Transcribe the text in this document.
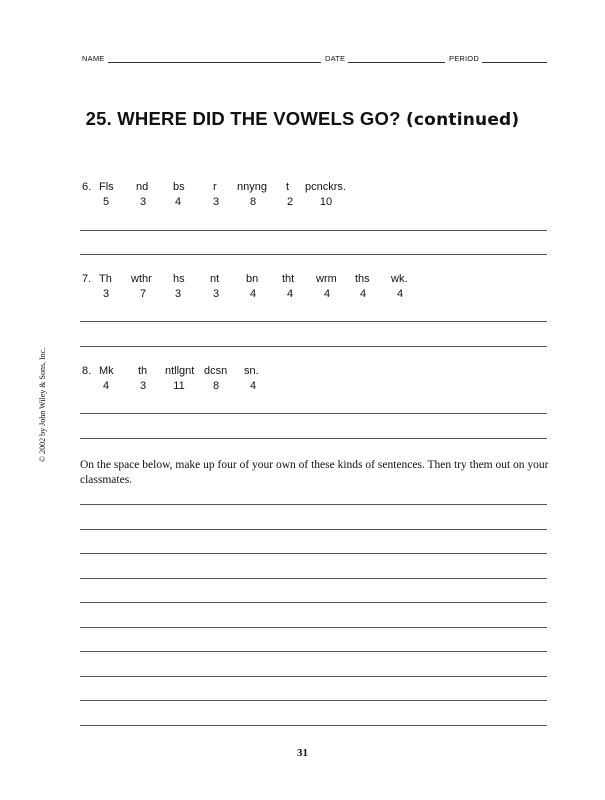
NAME	DATE	PERIOD
25. WHERE DID THE VOWELS GO? (continued)
6. Fls nd bs	r nnyng t pcnckrs.
5	3	4	3	8	2	10
7. Th wthr hs nt bn tht wrm ths wk.
3	7	3	3	4	4	4	4	4
8. Mk th ntllgnt dcsn sn.
4	3	11	8	4
© 2002 by John Wiley & Sons, Inc.
On the space below, make up four of your own of these kinds of sentences. Then try them out on your classmates.
31
